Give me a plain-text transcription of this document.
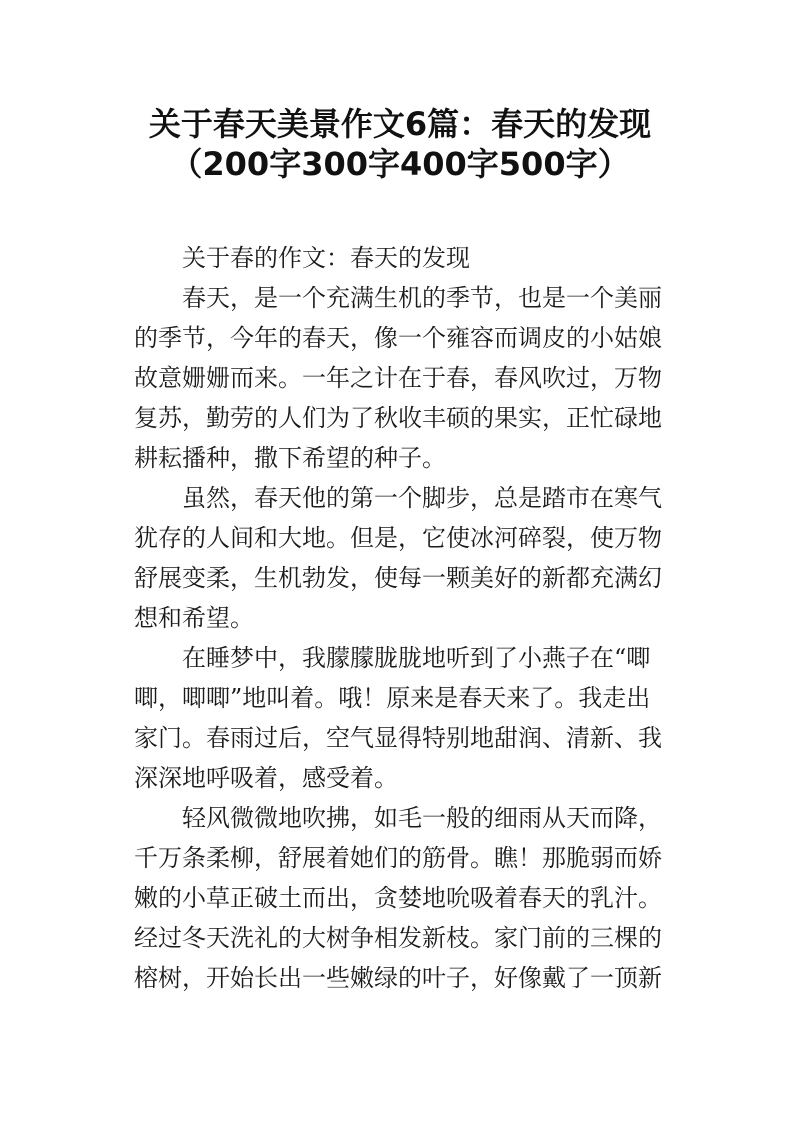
关于春天美景作文6篇：春天的发现
（200字300字400字500字）
关于春的作文：春天的发现
春天，是一个充满生机的季节，也是一个美丽
的季节，今年的春天，像一个雍容而调皮的小姑娘
故意姗姗而来。一年之计在于春，春风吹过，万物
复苏，勤劳的人们为了秋收丰硕的果实，正忙碌地
耕耘播种，撒下希望的种子。
虽然，春天他的第一个脚步，总是踏市在寒气
犹存的人间和大地。但是，它使冰河碎裂，使万物
舒展变柔，生机勃发，使每一颗美好的新都充满幻
想和希望。
在睡梦中，我朦朦胧胧地听到了小燕子在“唧
唧，唧唧”地叫着。哦！原来是春天来了。我走出
家门。春雨过后，空气显得特别地甜润、清新、我
深深地呼吸着，感受着。
轻风微微地吹拂，如毛一般的细雨从天而降，
千万条柔柳，舒展着她们的筋骨。瞧！那脆弱而娇
嫩的小草正破土而出，贪婪地吮吸着春天的乳汁。
经过冬天洗礼的大树争相发新枝。家门前的三棵的
榕树，开始长出一些嫩绿的叶子，好像戴了一顶新
